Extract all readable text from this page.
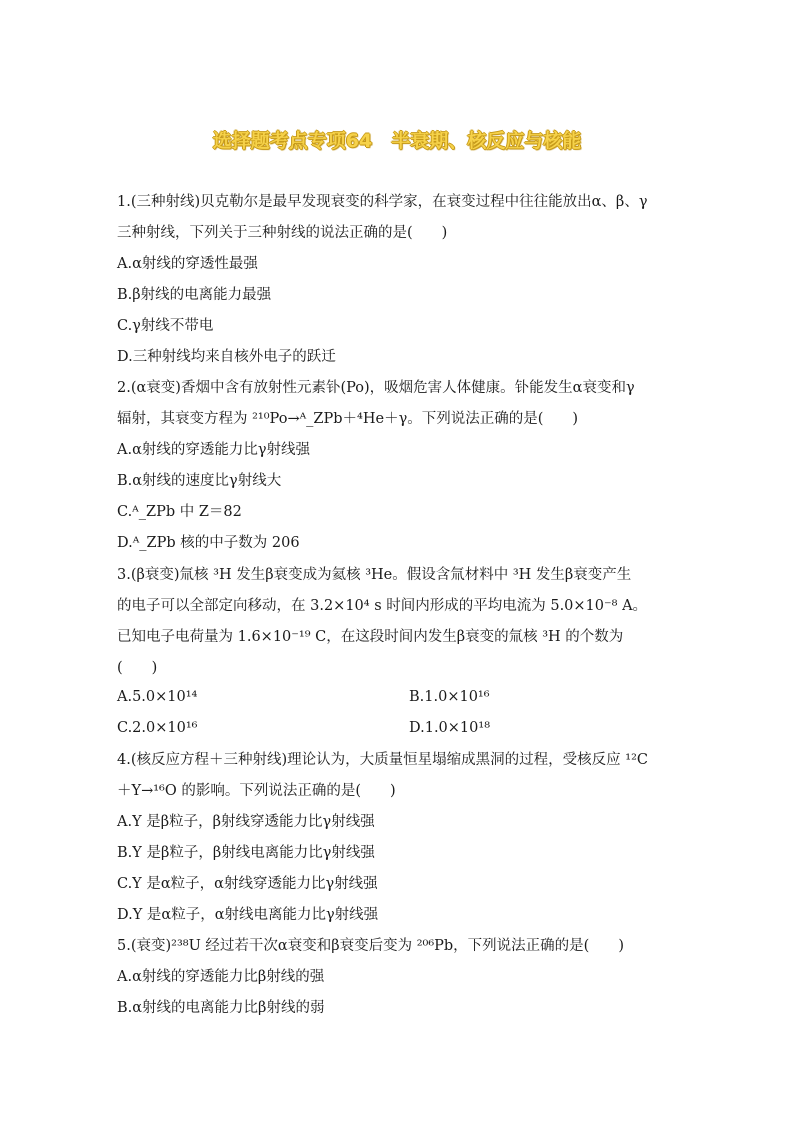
选择题考点专项64　半衰期、核反应与核能
1.(三种射线)贝克勒尔是最早发现衰变的科学家，在衰变过程中往往能放出α、β、γ
三种射线，下列关于三种射线的说法正确的是(　　)
A.α射线的穿透性最强
B.β射线的电离能力最强
C.γ射线不带电
D.三种射线均来自核外电子的跃迁
2.(α衰变)香烟中含有放射性元素钋(Po)，吸烟危害人体健康。钋能发生α衰变和γ
辐射，其衰变方程为 ²¹⁰Po→ᴬ_ZPb＋⁴He＋γ。下列说法正确的是(　　)
A.α射线的穿透能力比γ射线强
B.α射线的速度比γ射线大
C.ᴬ_ZPb 中 Z＝82
D.ᴬ_ZPb 核的中子数为 206
3.(β衰变)氚核 ³H 发生β衰变成为氦核 ³He。假设含氚材料中 ³H 发生β衰变产生
的电子可以全部定向移动，在 3.2×10⁴ s 时间内形成的平均电流为 5.0×10⁻⁸ A。
已知电子电荷量为 1.6×10⁻¹⁹ C，在这段时间内发生β衰变的氚核 ³H 的个数为
(　　)
A.5.0×10¹⁴	B.1.0×10¹⁶
C.2.0×10¹⁶	D.1.0×10¹⁸
4.(核反应方程＋三种射线)理论认为，大质量恒星塌缩成黑洞的过程，受核反应 ¹²C
＋Y→¹⁶O 的影响。下列说法正确的是(　　)
A.Y 是β粒子，β射线穿透能力比γ射线强
B.Y 是β粒子，β射线电离能力比γ射线强
C.Y 是α粒子，α射线穿透能力比γ射线强
D.Y 是α粒子，α射线电离能力比γ射线强
5.(衰变)²³⁸U 经过若干次α衰变和β衰变后变为 ²⁰⁶Pb，下列说法正确的是(　　)
A.α射线的穿透能力比β射线的强
B.α射线的电离能力比β射线的弱
